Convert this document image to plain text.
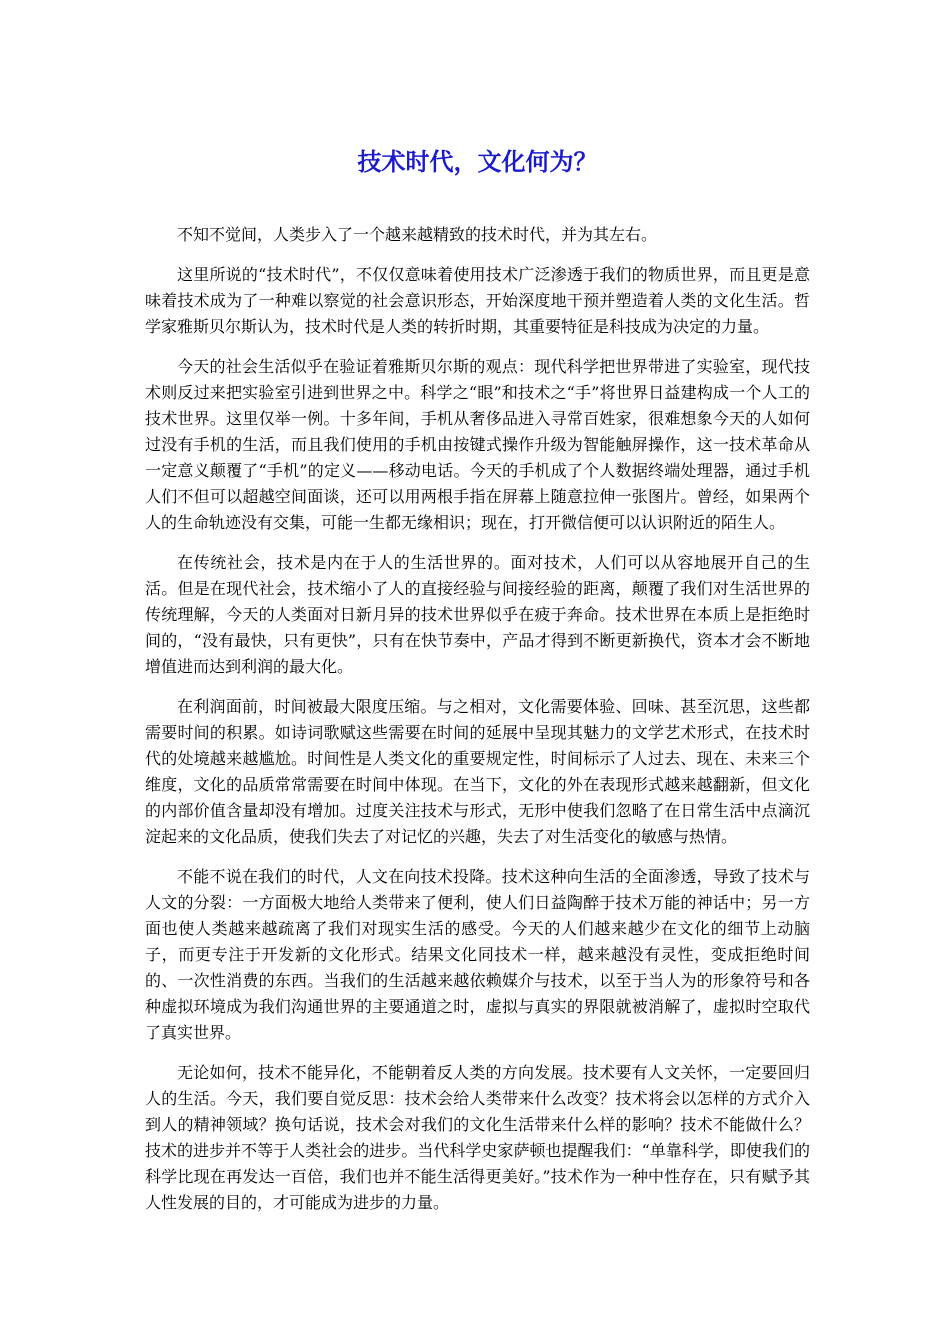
技术时代，文化何为？

不知不觉间，人类步入了一个越来越精致的技术时代，并为其左右。

这里所说的“技术时代”，不仅仅意味着使用技术广泛渗透于我们的物质世界，而且更是意味着技术成为了一种难以察觉的社会意识形态，开始深度地干预并塑造着人类的文化生活。哲学家雅斯贝尔斯认为，技术时代是人类的转折时期，其重要特征是科技成为决定的力量。

今天的社会生活似乎在验证着雅斯贝尔斯的观点：现代科学把世界带进了实验室，现代技术则反过来把实验室引进到世界之中。科学之“眼”和技术之“手”将世界日益建构成一个人工的技术世界。这里仅举一例。十多年间，手机从奢侈品进入寻常百姓家，很难想象今天的人如何过没有手机的生活，而且我们使用的手机由按键式操作升级为智能触屏操作，这一技术革命从一定意义颠覆了“手机”的定义——移动电话。今天的手机成了个人数据终端处理器，通过手机人们不但可以超越空间面谈，还可以用两根手指在屏幕上随意拉伸一张图片。曾经，如果两个人的生命轨迹没有交集，可能一生都无缘相识；现在，打开微信便可以认识附近的陌生人。

在传统社会，技术是内在于人的生活世界的。面对技术，人们可以从容地展开自己的生活。但是在现代社会，技术缩小了人的直接经验与间接经验的距离，颠覆了我们对生活世界的传统理解，今天的人类面对日新月异的技术世界似乎在疲于奔命。技术世界在本质上是拒绝时间的，“没有最快，只有更快”，只有在快节奏中，产品才得到不断更新换代，资本才会不断地增值进而达到利润的最大化。

在利润面前，时间被最大限度压缩。与之相对，文化需要体验、回味、甚至沉思，这些都需要时间的积累。如诗词歌赋这些需要在时间的延展中呈现其魅力的文学艺术形式，在技术时代的处境越来越尴尬。时间性是人类文化的重要规定性，时间标示了人过去、现在、未来三个维度，文化的品质常常需要在时间中体现。在当下，文化的外在表现形式越来越翻新，但文化的内部价值含量却没有增加。过度关注技术与形式，无形中使我们忽略了在日常生活中点滴沉淀起来的文化品质，使我们失去了对记忆的兴趣，失去了对生活变化的敏感与热情。

不能不说在我们的时代，人文在向技术投降。技术这种向生活的全面渗透，导致了技术与人文的分裂：一方面极大地给人类带来了便利，使人们日益陶醉于技术万能的神话中；另一方面也使人类越来越疏离了我们对现实生活的感受。今天的人们越来越少在文化的细节上动脑子，而更专注于开发新的文化形式。结果文化同技术一样，越来越没有灵性，变成拒绝时间的、一次性消费的东西。当我们的生活越来越依赖媒介与技术，以至于当人为的形象符号和各种虚拟环境成为我们沟通世界的主要通道之时，虚拟与真实的界限就被消解了，虚拟时空取代了真实世界。

无论如何，技术不能异化，不能朝着反人类的方向发展。技术要有人文关怀，一定要回归人的生活。今天，我们要自觉反思：技术会给人类带来什么改变？技术将会以怎样的方式介入到人的精神领域？换句话说，技术会对我们的文化生活带来什么样的影响？技术不能做什么？技术的进步并不等于人类社会的进步。当代科学史家萨顿也提醒我们：“单靠科学，即使我们的科学比现在再发达一百倍，我们也并不能生活得更美好。”技术作为一种中性存在，只有赋予其人性发展的目的，才可能成为进步的力量。
